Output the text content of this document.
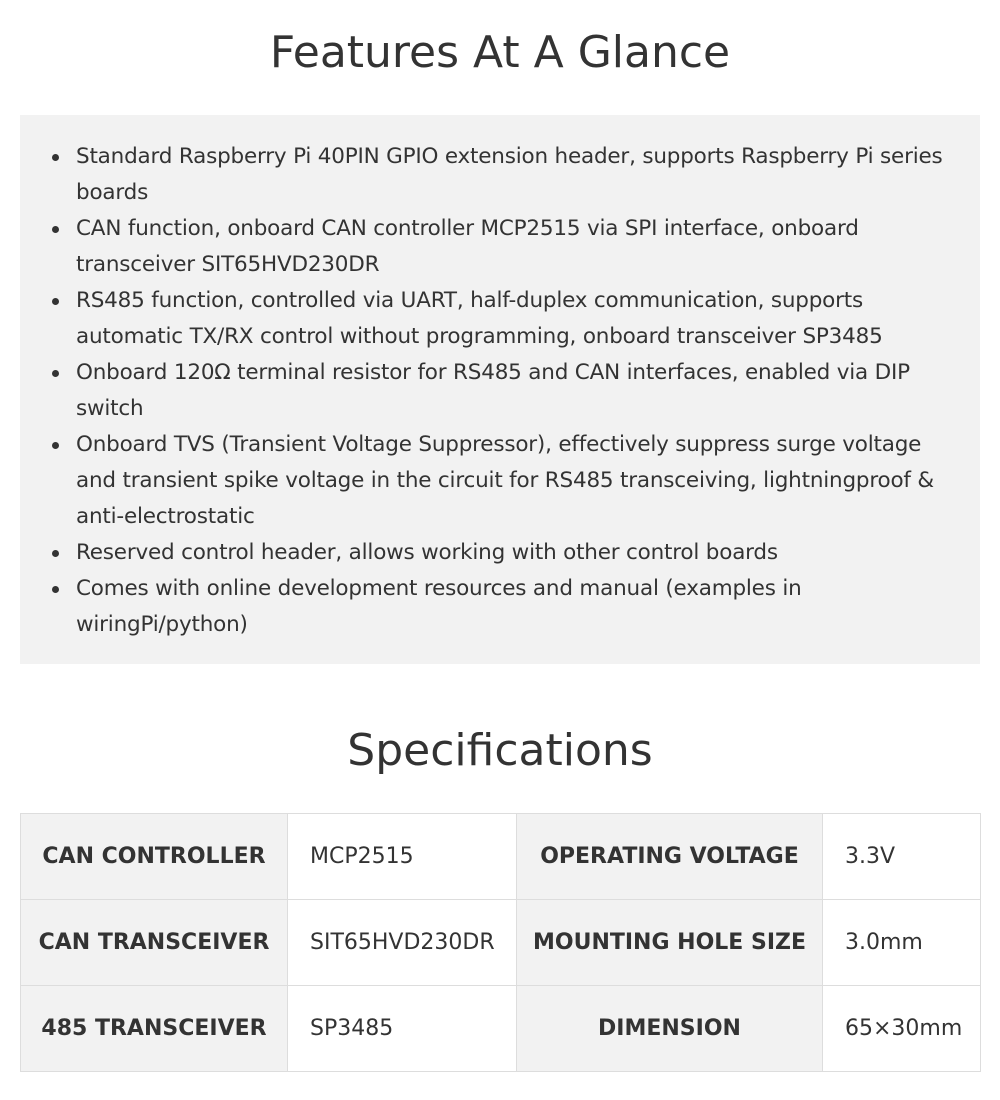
Features At A Glance
Standard Raspberry Pi 40PIN GPIO extension header, supports Raspberry Pi series boards
CAN function, onboard CAN controller MCP2515 via SPI interface, onboard transceiver SIT65HVD230DR
RS485 function, controlled via UART, half-duplex communication, supports automatic TX/RX control without programming, onboard transceiver SP3485
Onboard 120Ω terminal resistor for RS485 and CAN interfaces, enabled via DIP switch
Onboard TVS (Transient Voltage Suppressor), effectively suppress surge voltage and transient spike voltage in the circuit for RS485 transceiving, lightningproof & anti-electrostatic
Reserved control header, allows working with other control boards
Comes with online development resources and manual (examples in wiringPi/python)
Specifications
CAN CONTROLLER	MCP2515	OPERATING VOLTAGE	3.3V
CAN TRANSCEIVER	SIT65HVD230DR	MOUNTING HOLE SIZE	3.0mm
485 TRANSCEIVER	SP3485	DIMENSION	65×30mm
